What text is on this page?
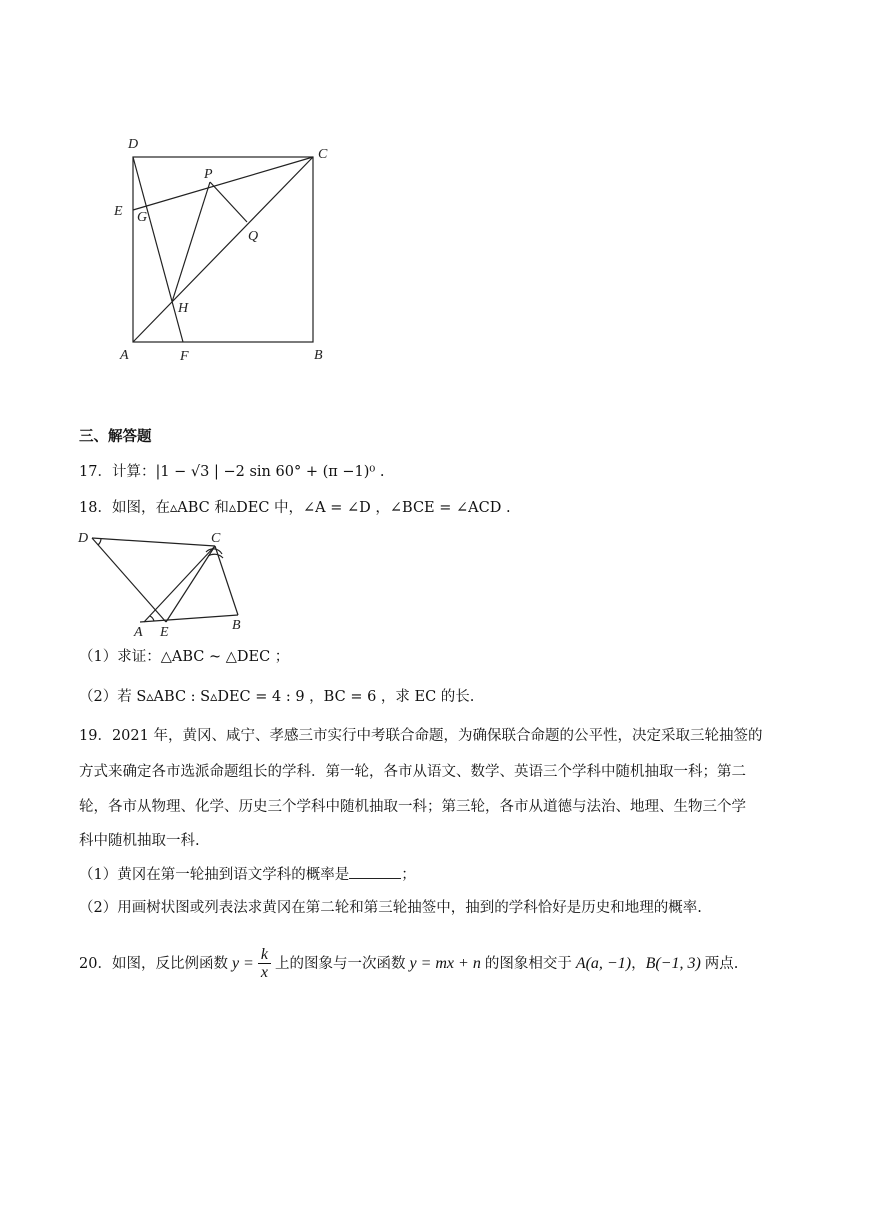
D
C
P
E G
Q
H
A	F	B
三、解答题
17．计算：|1 − √3 | −2 sin 60° + (π −1)⁰ .
18．如图，在▵ABC 和▵DEC 中，∠A = ∠D ，∠BCE = ∠ACD .
D	C
A E	B
（1）求证：△ABC ~ △DEC ；
（2）若 S▵ABC : S▵DEC = 4 : 9 ，BC = 6 ，求 EC 的长.
19．2021 年，黄冈、咸宁、孝感三市实行中考联合命题，为确保联合命题的公平性，决定采取三轮抽签的
方式来确定各市选派命题组长的学科．第一轮，各市从语文、数学、英语三个学科中随机抽取一科；第二
轮，各市从物理、化学、历史三个学科中随机抽取一科；第三轮，各市从道德与法治、地理、生物三个学
科中随机抽取一科.
（1）黄冈在第一轮抽到语文学科的概率是	；
（2）用画树状图或列表法求黄冈在第二轮和第三轮抽签中，抽到的学科恰好是历史和地理的概率.
20．如图，反比例函数 $y = \frac{k}{x}$ 上的图象与一次函数 y = mx + n 的图象相交于 A(a, −1) ， B(−1, 3) 两点.
